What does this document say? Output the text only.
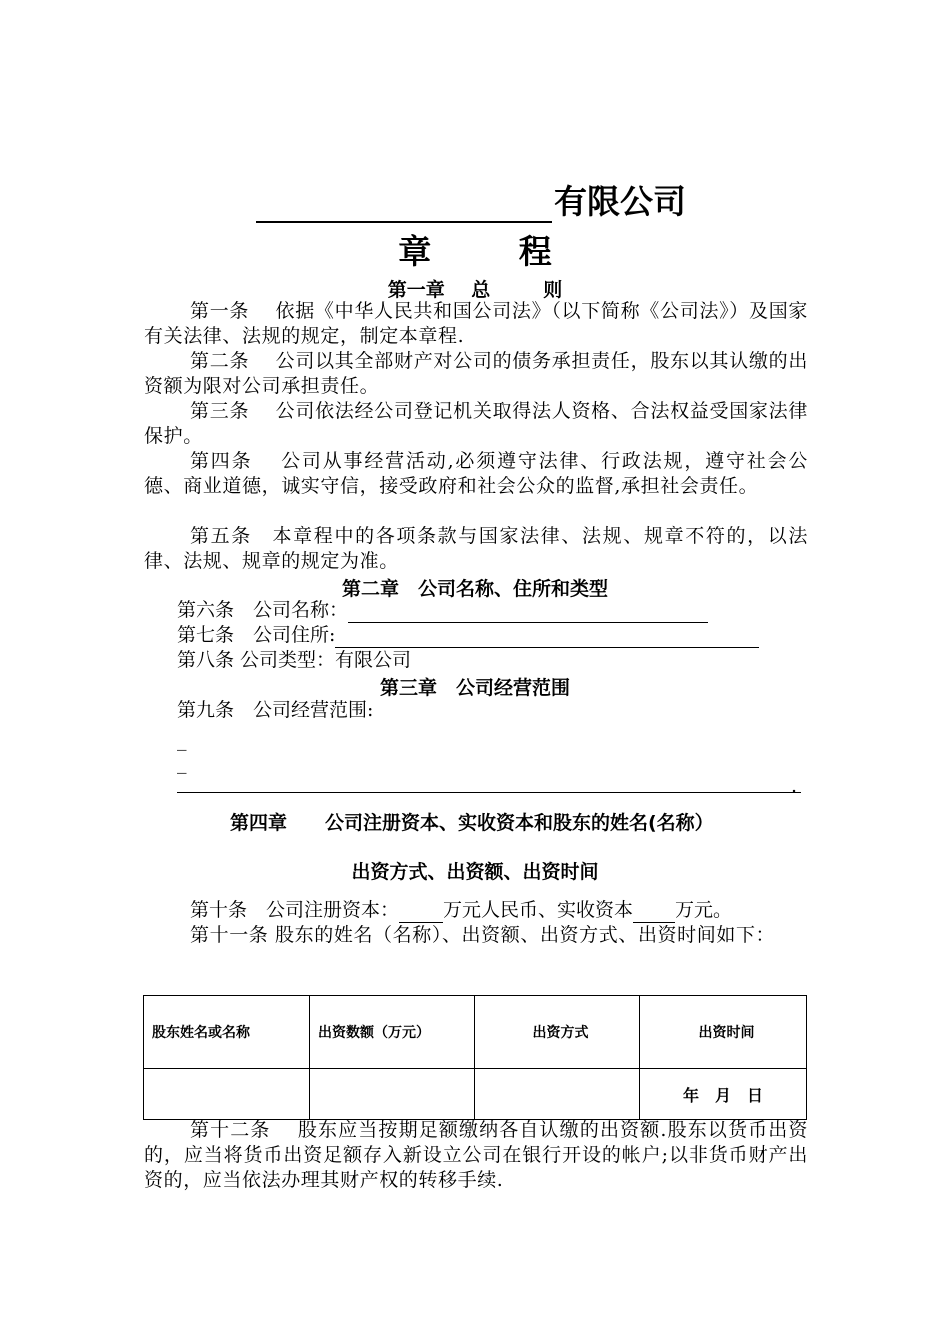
有限公司
章 程
第一章 总	则
第一条　 依据《中华人民共和国公司法》（以下简称《公司法》）及国家有关法律、法规的规定，制定本章程.
第二条　 公司以其全部财产对公司的债务承担责任，股东以其认缴的出资额为限对公司承担责任。
第三条　 公司依法经公司登记机关取得法人资格、合法权益受国家法律保护。
第四条　 公司从事经营活动,必须遵守法律、行政法规，遵守社会公德、商业道德，诚实守信，接受政府和社会公众的监督,承担社会责任。
第五条　本章程中的各项条款与国家法律、法规、规章不符的，以法律、法规、规章的规定为准。
第二章　公司名称、住所和类型
第六条　公司名称：
第七条　公司住所:
第八条 公司类型：有限公司
第三章　公司经营范围
第九条　公司经营范围:
_
_
.
第四章　　公司注册资本、实收资本和股东的姓名(名称）
出资方式、出资额、出资时间
第十条　公司注册资本： 万元人民币、实收资本 万元。
第十一条 股东的姓名（名称）、出资额、出资方式、出资时间如下：
股东姓名或名称	出资数额（万元）	出资方式	出资时间
			年　月　日
第十二条　 股东应当按期足额缴纳各自认缴的出资额.股东以货币出资的，应当将货币出资足额存入新设立公司在银行开设的帐户;以非货币财产出资的，应当依法办理其财产权的转移手续.
